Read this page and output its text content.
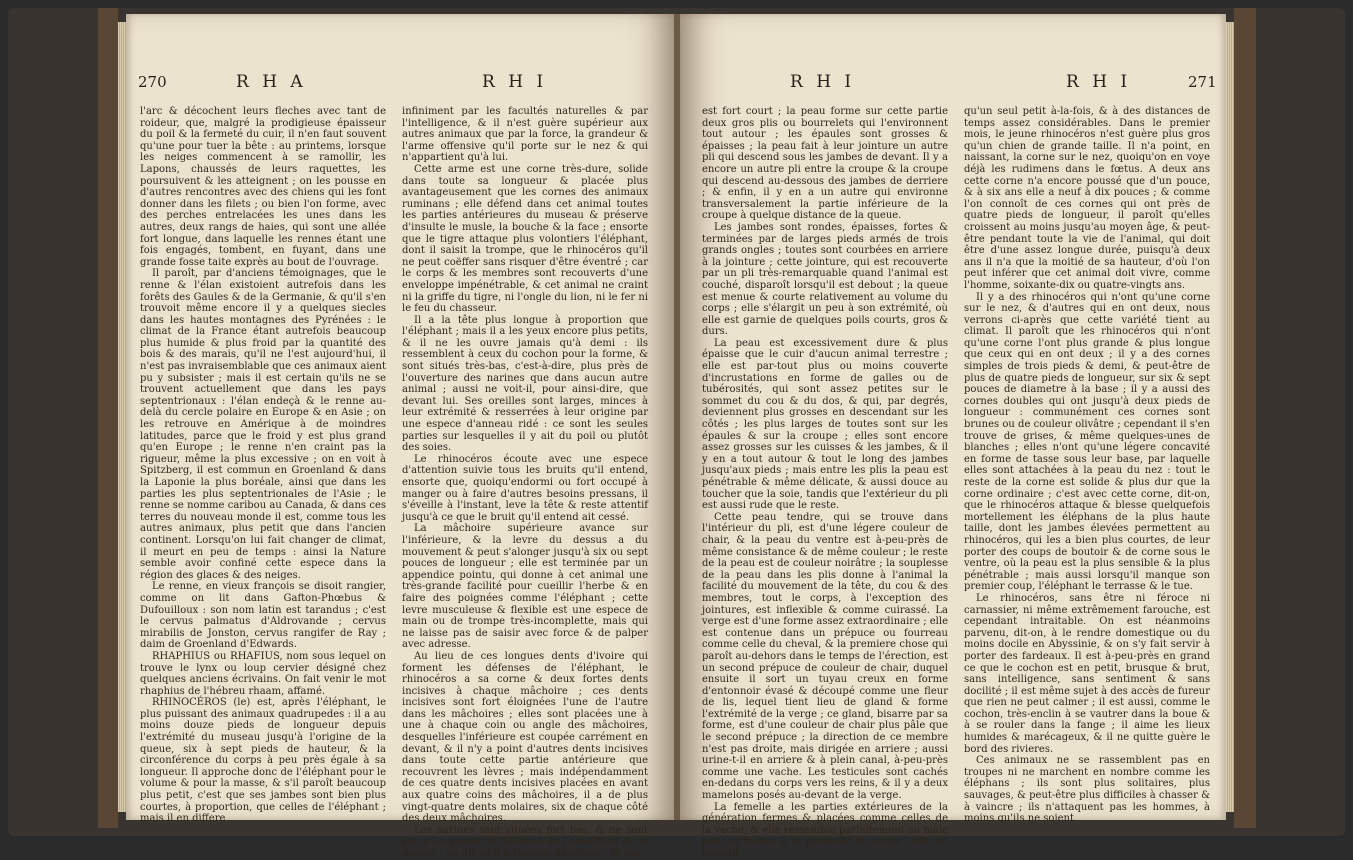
270	R H A	R H I

l'arc & décochent leurs fleches avec tant de roideur, que, malgré la prodigieuse épaisseur du poil & la fermeté du cuir, il n'en faut souvent qu'une pour tuer la bête : au printems, lorsque les neiges commencent à se ramollir, les Lapons, chaussés de leurs raquettes, les poursuivent & les atteignent ; on les pousse en d'autres rencontres avec des chiens qui les font donner dans les filets ; ou bien l'on forme, avec des perches entrelacées les unes dans les autres, deux rangs de haies, qui sont une allée fort longue, dans laquelle les rennes étant une fois engagés, tombent, en fuyant, dans une grande fosse taite exprès au bout de l'ouvrage.

Il paroît, par d'anciens témoignages, que le renne & l'élan existoient autrefois dans les forêts des Gaules & de la Germanie, & qu'il s'en trouvoit même encore il y a quelques siecles dans les hautes montagnes des Pyrénées : le climat de la France étant autrefois beaucoup plus humide & plus froid par la quantité des bois & des marais, qu'il ne l'est aujourd'hui, il n'est pas invraisemblable que ces animaux aient pu y subsister ; mais il est certain qu'ils ne se trouvent actuellement que dans les pays septentrionaux : l'élan endeçà & le renne au-delà du cercle polaire en Europe & en Asie ; on les retrouve en Amérique à de moindres latitudes, parce que le froid y est plus grand qu'en Europe ; le renne n'en craint pas la rigueur, même la plus excessive ; on en voit à Spitzberg, il est commun en Groenland & dans la Laponie la plus boréale, ainsi que dans les parties les plus septentrionales de l'Asie ; le renne se nomme caribou au Canada, & dans ces terres du nouveau monde il est, comme tous les autres animaux, plus petit que dans l'ancien continent. Lorsqu'on lui fait changer de climat, il meurt en peu de temps : ainsi la Nature semble avoir confiné cette espece dans la région des glaces & des neiges.

Le renne, en vieux françois se disoit rangier, comme on lit dans Gafton-Phœbus & Dufouilloux : son nom latin est tarandus ; c'est le cervus palmatus d'Aldrovande ; cervus mirabilis de Jonston, cervus rangifer de Ray ; daim de Groenland d'Edwards.

RHAPHIUS ou RHAFIUS, nom sous lequel on trouve le lynx ou loup cervier désigné chez quelques anciens écrivains. On fait venir le mot rhaphius de l'hébreu rhaam, affamé.

RHINOCÉROS (le) est, après l'éléphant, le plus puissant des animaux quadrupedes : il a au moins douze pieds de longueur depuis l'extrémité du museau jusqu'à l'origine de la queue, six à sept pieds de hauteur, & la circonférence du corps à peu près égale à sa longueur. Il approche donc de l'éléphant pour le volume & pour la masse, & s'il paroît beaucoup plus petit, c'est que ses jambes sont bien plus courtes, à proportion, que celles de l'éléphant ; mais il en differe

infiniment par les facultés naturelles & par l'intelligence, & il n'est guère supérieur aux autres animaux que par la force, la grandeur & l'arme offensive qu'il porte sur le nez & qui n'appartient qu'à lui.

Cette arme est une corne très-dure, solide dans toute sa longueur & placée plus avantageusement que les cornes des animaux ruminans ; elle défend dans cet animal toutes les parties antérieures du museau & préserve d'insulte le musle, la bouche & la face ; ensorte que le tigre attaque plus volontiers l'éléphant, dont il saisit la trompe, que le rhinocéros qu'il ne peut coëffer sans risquer d'être éventré ; car le corps & les membres sont recouverts d'une enveloppe impénétrable, & cet animal ne craint ni la griffe du tigre, ni l'ongle du lion, ni le fer ni le feu du chasseur.

Il a la tête plus longue à proportion que l'éléphant ; mais il a les yeux encore plus petits, & il ne les ouvre jamais qu'à demi : ils ressemblent à ceux du cochon pour la forme, & sont situés très-bas, c'est-à-dire, plus près de l'ouverture des narines que dans aucun autre animal ; aussi ne voit-il, pour ainsi-dire, que devant lui. Ses oreilles sont larges, minces à leur extrémité & resserrées à leur origine par une espece d'anneau ridé : ce sont les seules parties sur lesquelles il y ait du poil ou plutôt des soies.

Le rhinocéros écoute avec une espece d'attention suivie tous les bruits qu'il entend, ensorte que, quoiqu'endormi ou fort occupé à manger ou à faire d'autres besoins pressans, il s'éveille à l'instant, leve la tête & reste attentif jusqu'à ce que le bruit qu'il entend ait cessé.

La mâchoire supérieure avance sur l'inférieure, & la levre du dessus a du mouvement & peut s'alonger jusqu'à six ou sept pouces de longueur ; elle est terminée par un appendice pointu, qui donne à cet animal une très-grande facilité pour cueillir l'herbe & en faire des poignées comme l'éléphant ; cette levre musculeuse & flexible est une espece de main ou de trompe très-incomplette, mais qui ne laisse pas de saisir avec force & de palper avec adresse.

Au lieu de ces longues dents d'ivoire qui forment les défenses de l'éléphant, le rhinocéros a sa corne & deux fortes dents incisives à chaque mâchoire ; ces dents incisives sont fort éloignées l'une de l'autre dans les mâchoires ; elles sont placées une à une à chaque coin ou angle des mâchoires, desquelles l'inférieure est coupée carrément en devant, & il n'y a point d'autres dents incisives dans toute cette partie antérieure que recouvrent les lèvres ; mais indépendamment de ces quatre dents incisives placées en avant aux quatre coins des mâchoires, il a de plus vingt-quatre dents molaires, six de chaque côté des deux mâchoires.

Les narines sont situées fort bas, & ne sont pas à un pouce de distance de l'ouverture de la gueule ; on dit qu'il a l'odorat excellent ; le cou

R H I	R H I	271

est fort court ; la peau forme sur cette partie deux gros plis ou bourrelets qui l'environnent tout autour ; les épaules sont grosses & épaisses ; la peau fait à leur jointure un autre pli qui descend sous les jambes de devant. Il y a encore un autre pli entre la croupe & la croupe qui descend au-dessous des jambes de derriere ; & enfin, il y en a un autre qui environne transversalement la partie inférieure de la croupe à quelque distance de la queue.

Les jambes sont rondes, épaisses, fortes & terminées par de larges pieds armés de trois grands ongles ; toutes sont courbées en arriere à la jointure ; cette jointure, qui est recouverte par un pli très-remarquable quand l'animal est couché, disparoît lorsqu'il est debout ; la queue est menue & courte relativement au volume du corps ; elle s'élargit un peu à son extrémité, où elle est garnie de quelques poils courts, gros & durs.

La peau est excessivement dure & plus épaisse que le cuir d'aucun animal terrestre ; elle est par-tout plus ou moins couverte d'incrustations en forme de galles ou de tubérosités, qui sont assez petites sur le sommet du cou & du dos, & qui, par degrés, deviennent plus grosses en descendant sur les côtés ; les plus larges de toutes sont sur les épaules & sur la croupe ; elles sont encore assez grosses sur les cuisses & les jambes, & il y en a tout autour & tout le long des jambes jusqu'aux pieds ; mais entre les plis la peau est pénétrable & même délicate, & aussi douce au toucher que la soie, tandis que l'extérieur du pli est aussi rude que le reste.

Cette peau tendre, qui se trouve dans l'intérieur du pli, est d'une légere couleur de chair, & la peau du ventre est à-peu-près de même consistance & de même couleur ; le reste de la peau est de couleur noirâtre ; la souplesse de la peau dans les plis donne à l'animal la facilité du mouvement de la tête, du cou & des membres, tout le corps, à l'exception des jointures, est inflexible & comme cuirassé. La verge est d'une forme assez extraordinaire ; elle est contenue dans un prépuce ou fourreau comme celle du cheval, & la premiere chose qui paroît au-dehors dans le temps de l'érection, est un second prépuce de couleur de chair, duquel ensuite il sort un tuyau creux en forme d'entonnoir évasé & découpé comme une fleur de lis, lequel tient lieu de gland & forme l'extrémité de la verge ; ce gland, bisarre par sa forme, est d'une couleur de chair plus pâle que le second prépuce ; la direction de ce membre n'est pas droite, mais dirigée en arriere ; aussi urine-t-il en arriere & à plein canal, à-peu-près comme une vache. Les testicules sont cachés en-dedans du corps vers les reins, & il y a deux mamelons posés au-devant de la verge.

La femelle a les parties extérieures de la génération fermes & placées comme celles de la vache, & elle ressemble parfaitement au mâle pour la forme & la grosseur du corps ; elle ne produit

qu'un seul petit à-la-fois, & à des distances de temps assez considérables. Dans le premier mois, le jeune rhinocéros n'est guère plus gros qu'un chien de grande taille. Il n'a point, en naissant, la corne sur le nez, quoiqu'on en voye déjà les rudimens dans le fœtus. A deux ans cette corne n'a encore poussé que d'un pouce, & à six ans elle a neuf à dix pouces ; & comme l'on connoît de ces cornes qui ont près de quatre pieds de longueur, il paroît qu'elles croissent au moins jusqu'au moyen âge, & peut-être pendant toute la vie de l'animal, qui doit être d'une assez longue durée, puisqu'à deux ans il n'a que la moitié de sa hauteur, d'où l'on peut inférer que cet animal doit vivre, comme l'homme, soixante-dix ou quatre-vingts ans.

Il y a des rhinocéros qui n'ont qu'une corne sur le nez, & d'autres qui en ont deux, nous verrons ci-après que cette variété tient au climat. Il paroît que les rhinocéros qui n'ont qu'une corne l'ont plus grande & plus longue que ceux qui en ont deux ; il y a des cornes simples de trois pieds & demi, & peut-être de plus de quatre pieds de longueur, sur six & sept pouces de diametre à la base ; il y a aussi des cornes doubles qui ont jusqu'à deux pieds de longueur : communément ces cornes sont brunes ou de couleur olivâtre ; cependant il s'en trouve de grises, & même quelques-unes de blanches ; elles n'ont qu'une légere concavité en forme de tasse sous leur base, par laquelle elles sont attachées à la peau du nez : tout le reste de la corne est solide & plus dur que la corne ordinaire ; c'est avec cette corne, dit-on, que le rhinocéros attaque & blesse quelquefois mortellement les éléphans de la plus haute taille, dont les jambes élevées permettent au rhinocéros, qui les a bien plus courtes, de leur porter des coups de boutoir & de corne sous le ventre, où la peau est la plus sensible & la plus pénétrable ; mais aussi lorsqu'il manque son premier coup, l'éléphant le terrasse & le tue.

Le rhinocéros, sans être ni féroce ni carnassier, ni même extrêmement farouche, est cependant intraitable. On est néanmoins parvenu, dit-on, à le rendre domestique ou du moins docile en Abyssinie, & on s'y fait servir à porter des fardeaux. Il est à-peu-près en grand ce que le cochon est en petit, brusque & brut, sans intelligence, sans sentiment & sans docilité ; il est même sujet à des accès de fureur que rien ne peut calmer ; il est aussi, comme le cochon, très-enclin à se vautrer dans la boue & à se rouler dans la fange ; il aime les lieux humides & marécageux, & il ne quitte guère le bord des rivieres.

Ces animaux ne se rassemblent pas en troupes ni ne marchent en nombre comme les éléphans ; ils sont plus solitaires, plus sauvages, & peut-être plus difficiles à chasser & à vaincre ; ils n'attaquent pas les hommes, à moins qu'ils ne soient
